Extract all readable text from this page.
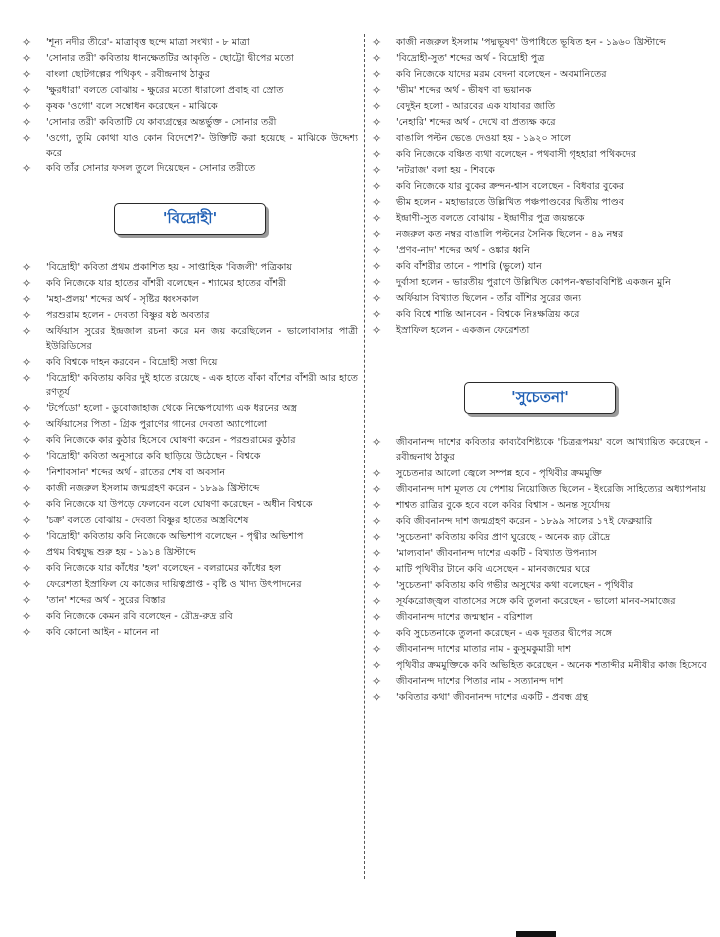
✧	'শূন্য নদীর তীরে'- মাত্রাবৃত্ত ছন্দে মাত্রা সংখ্যা - ৮ মাত্রা
✧	'সোনার তরী' কবিতায় ধানক্ষেতটির আকৃতি - ছোট্টো দ্বীপের মতো
✧	বাংলা ছোটগল্পের পথিকৃৎ - রবীন্দ্রনাথ ঠাকুর
✧	'ক্ষুরধারা' বলতে বোঝায় - ক্ষুরের মতো ধারালো প্রবাহ বা স্রোত
✧	কৃষক 'ওগো' বলে সম্বোধন করেছেন - মাঝিকে
✧	'সোনার তরী' কবিতাটি যে কাব্যগ্রন্থের অন্তর্ভুক্ত - সোনার তরী
✧	'ওগো, তুমি কোথা যাও কোন বিদেশে?'- উক্তিটি করা হয়েছে - মাঝিকে উদ্দেশ্য করে
✧	কবি তাঁর সোনার ফসল তুলে দিয়েছেন - সোনার তরীতে
'বিদ্রোহী'
✧	'বিদ্রোহী' কবিতা প্রথম প্রকাশিত হয় - সাপ্তাহিক 'বিজলী' পত্রিকায়
✧	কবি নিজেকে যার হাতের বাঁশরী বলেছেন - শ্যামের হাতের বাঁশরী
✧	'মহা-প্রলয়' শব্দের অর্থ - সৃষ্টির ধ্বংসকাল
✧	পরশুরাম হলেন - দেবতা বিষ্ণুর ষষ্ঠ অবতার
✧	অর্ফিয়াস সুরের ইন্দ্রজাল রচনা করে মন জয় করেছিলেন - ভালোবাসার পাত্রী ইউরিডিসের
✧	কবি বিশ্বকে দাহন করবেন - বিদ্রোহী সত্তা দিয়ে
✧	'বিদ্রোহী' কবিতায় কবির দুই হাতে রয়েছে - এক হাতে বাঁকা বাঁশের বাঁশরী আর হাতে রণতূর্য
✧	'টর্পেডো' হলো - ডুবোজাহাজ থেকে নিক্ষেপযোগ্য এক ধরনের অস্ত্র
✧	অর্ফিয়াসের পিতা - গ্রিক পুরাণের গানের দেবতা অ্যাপোলো
✧	কবি নিজেকে কার কুঠার হিসেবে ঘোষণা করেন - পরশুরামের কুঠার
✧	'বিদ্রোহী' কবিতা অনুসারে কবি ছাড়িয়ে উঠেছেন - বিশ্বকে
✧	'নিশাবসান' শব্দের অর্থ - রাতের শেষ বা অবসান
✧	কাজী নজরুল ইসলাম জন্মগ্রহণ করেন - ১৮৯৯ খ্রিস্টাব্দে
✧	কবি নিজেকে যা উপড়ে ফেলবেন বলে ঘোষণা করেছেন - অধীন বিশ্বকে
✧	'চক্র' বলতে বোঝায় - দেবতা বিষ্ণুর হাতের অস্ত্রবিশেষ
✧	'বিদ্রোহী' কবিতায় কবি নিজেকে অভিশাপ বলেছেন - পৃথ্বীর অভিশাপ
✧	প্রথম বিশ্বযুদ্ধ শুরু হয় - ১৯১৪ খ্রিস্টাব্দে
✧	কবি নিজেকে যার কাঁধের 'হল' বলেছেন - বলরামের কাঁধের হল
✧	ফেরেশতা ইস্রাফিল যে কাজের দায়িত্বপ্রাপ্ত - বৃষ্টি ও খাদ্য উৎপাদনের
✧	'তান' শব্দের অর্থ - সুরের বিস্তার
✧	কবি নিজেকে কেমন রবি বলেছেন - রৌদ্র-রুদ্র রবি
✧	কবি কোনো আইন - মানেন না
✧	কাজী নজরুল ইসলাম 'পদ্মভূষণ' উপাধিতে ভূষিত হন - ১৯৬০ খ্রিস্টাব্দে
✧	'বিদ্রোহী-সুত' শব্দের অর্থ - বিদ্রোহী পুত্র
✧	কবি নিজেকে যাদের মরম বেদনা বলেছেন - অবমানিতের
✧	'ভীম' শব্দের অর্থ - ভীষণ বা ভয়ানক
✧	বেদুইন হলো - আরবের এক যাযাবর জাতি
✧	'নেহারি' শব্দের অর্থ - দেখে বা প্রত্যক্ষ করে
✧	বাঙালি পল্টন ভেঙে দেওয়া হয় - ১৯২০ সালে
✧	কবি নিজেকে বঞ্চিত ব্যথা বলেছেন - পথবাসী গৃহহারা পথিকদের
✧	'নটরাজ' বলা হয় - শিবকে
✧	কবি নিজেকে যার বুকের ক্রন্দন-শ্বাস বলেছেন - বিধবার বুকের
✧	ভীম হলেন - মহাভারতে উল্লিখিত পঞ্চপাণ্ডবের দ্বিতীয় পাণ্ডব
✧	ইন্দ্রাণী-সুত বলতে বোঝায় - ইন্দ্রাণীর পুত্র জয়ন্তকে
✧	নজরুল কত নম্বর বাঙালি পল্টনের সৈনিক ছিলেন - ৪৯ নম্বর
✧	'প্রণব-নাদ' শব্দের অর্থ - ওঙ্কার ধ্বনি
✧	কবি বাঁশরীর তানে - পাশরি (ভুলে) যান
✧	দুর্বাসা হলেন - ভারতীয় পুরাণে উল্লিখিত কোপন-স্বভাববিশিষ্ট একজন মুনি
✧	অর্ফিয়াস বিখ্যাত ছিলেন - তাঁর বাঁশির সুরের জন্য
✧	কবি বিশ্বে শান্তি আনবেন - বিশ্বকে নিঃক্ষত্রিয় করে
✧	ইস্রাফিল হলেন - একজন ফেরেশতা
'সুচেতনা'
✧	জীবনানন্দ দাশের কবিতার কাব্যবৈশিষ্ট্যকে 'চিত্ররূপময়' বলে আখ্যায়িত করেছেন - রবীন্দ্রনাথ ঠাকুর
✧	সুচেতনার আলো জ্বেলে সম্পন্ন হবে - পৃথিবীর ক্রমমুক্তি
✧	জীবনানন্দ দাশ মূলত যে পেশায় নিয়োজিত ছিলেন - ইংরেজি সাহিত্যের অধ্যাপনায়
✧	শাশ্বত রাত্রির বুকে হবে বলে কবির বিশ্বাস - অনন্ত সূর্যোদয়
✧	কবি জীবনানন্দ দাশ জন্মগ্রহণ করেন - ১৮৯৯ সালের ১৭ই ফেব্রুয়ারি
✧	'সুচেতনা' কবিতায় কবির প্রাণ ঘুরেছে - অনেক রূঢ় রৌদ্রে
✧	'মাল্যবান' জীবনানন্দ দাশের একটি - বিখ্যাত উপন্যাস
✧	মাটি পৃথিবীর টানে কবি এসেছেন - মানবজন্মের ঘরে
✧	'সুচেতনা' কবিতায় কবি গভীর অসুখের কথা বলেছেন - পৃথিবীর
✧	সূর্যকরোজ্জ্বল বাতাসের সঙ্গে কবি তুলনা করেছেন - ভালো মানব-সমাজের
✧	জীবনানন্দ দাশের জন্মস্থান - বরিশাল
✧	কবি সুচেতনাকে তুলনা করেছেন - এক দূরতর দ্বীপের সঙ্গে
✧	জীবনানন্দ দাশের মাতার নাম - কুসুমকুমারী দাশ
✧	পৃথিবীর ক্রমমুক্তিকে কবি অভিহিত করেছেন - অনেক শতাব্দীর মনীষীর কাজ হিসেবে
✧	জীবনানন্দ দাশের পিতার নাম - সত্যানন্দ দাশ
✧	'কবিতার কথা' জীবনানন্দ দাশের একটি - প্রবন্ধ গ্রন্থ
